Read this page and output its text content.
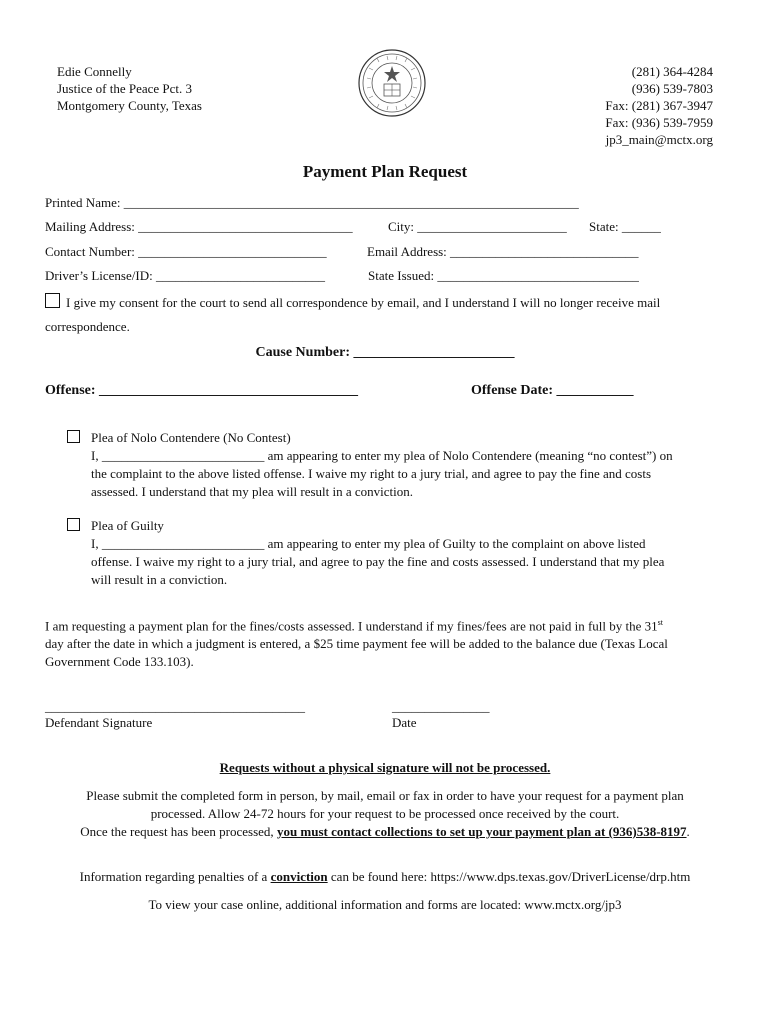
Edie Connelly
Justice of the Peace Pct. 3
Montgomery County, Texas
(281) 364-4284
(936) 539-7803
Fax: (281) 367-3947
Fax: (936) 539-7959
jp3_main@mctx.org
Payment Plan Request
Printed Name: ______________________________________________________________________
Mailing Address: _________________________________	City: _______________________ State: ______
Contact Number: _____________________________	Email Address: _____________________________
Driver’s License/ID: __________________________	State Issued: _______________________________
I give my consent for the court to send all correspondence by email, and I understand I will no longer receive mail
correspondence.
Cause Number: _______________________
Offense: _____________________________________	Offense Date: ___________
Plea of Nolo Contendere (No Contest)
I, _________________________ am appearing to enter my plea of Nolo Contendere (meaning “no contest”) on
the complaint to the above listed offense. I waive my right to a jury trial, and agree to pay the fine and costs
assessed. I understand that my plea will result in a conviction.
Plea of Guilty
I, _________________________ am appearing to enter my plea of Guilty to the complaint on above listed
offense. I waive my right to a jury trial, and agree to pay the fine and costs assessed. I understand that my plea
will result in a conviction.
I am requesting a payment plan for the fines/costs assessed. I understand if my fines/fees are not paid in full by the 31st
day after the date in which a judgment is entered, a $25 time payment fee will be added to the balance due (Texas Local
Government Code 133.103).
________________________________________
Defendant Signature
_______________
Date
Requests without a physical signature will not be processed.
Please submit the completed form in person, by mail, email or fax in order to have your request for a payment plan
processed. Allow 24-72 hours for your request to be processed once received by the court.
Once the request has been processed, you must contact collections to set up your payment plan at (936)538-8197.
Information regarding penalties of a conviction can be found here: https://www.dps.texas.gov/DriverLicense/drp.htm
To view your case online, additional information and forms are located: www.mctx.org/jp3
